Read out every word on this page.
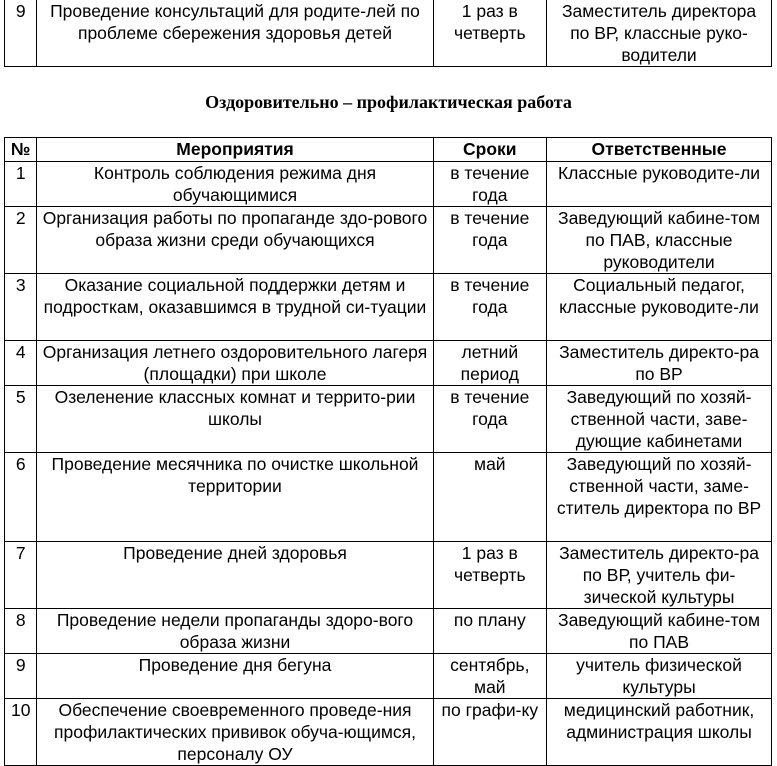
9	Проведение консультаций для родите-лей по проблеме сбережения здоровья детей	1 раз в четверть	Заместитель директора по ВР, классные руко-водители
Оздоровительно – профилактическая работа
№	Мероприятия	Сроки	Ответственные
1	Контроль соблюдения режима дня обучающимися	в течение года	Классные руководите-ли
2	Организация работы по пропаганде здо-рового образа жизни среди обучающихся	в течение года	Заведующий кабине-том по ПАВ, классные руководители
3	Оказание социальной поддержки детям и подросткам, оказавшимся в трудной си-туации	в течение года	Социальный педагог, классные руководите-ли
4	Организация летнего оздоровительного лагеря (площадки) при школе	летний период	Заместитель директо-ра по ВР
5	Озеленение классных комнат и террито-рии школы	в течение года	Заведующий по хозяй-ственной части, заве-дующие кабинетами
6	Проведение месячника по очистке школьной территории	май	Заведующий по хозяй-ственной части, заме-ститель директора по ВР
7	Проведение дней здоровья	1 раз в четверть	Заместитель директо-ра по ВР, учитель фи-зической культуры
8	Проведение недели пропаганды здоро-вого образа жизни	по плану	Заведующий кабине-том по ПАВ
9	Проведение дня бегуна	сентябрь, май	учитель физической культуры
10	Обеспечение своевременного проведе-ния профилактических прививок обуча-ющимся, персоналу ОУ	по графи-ку	медицинский работник, администрация школы
